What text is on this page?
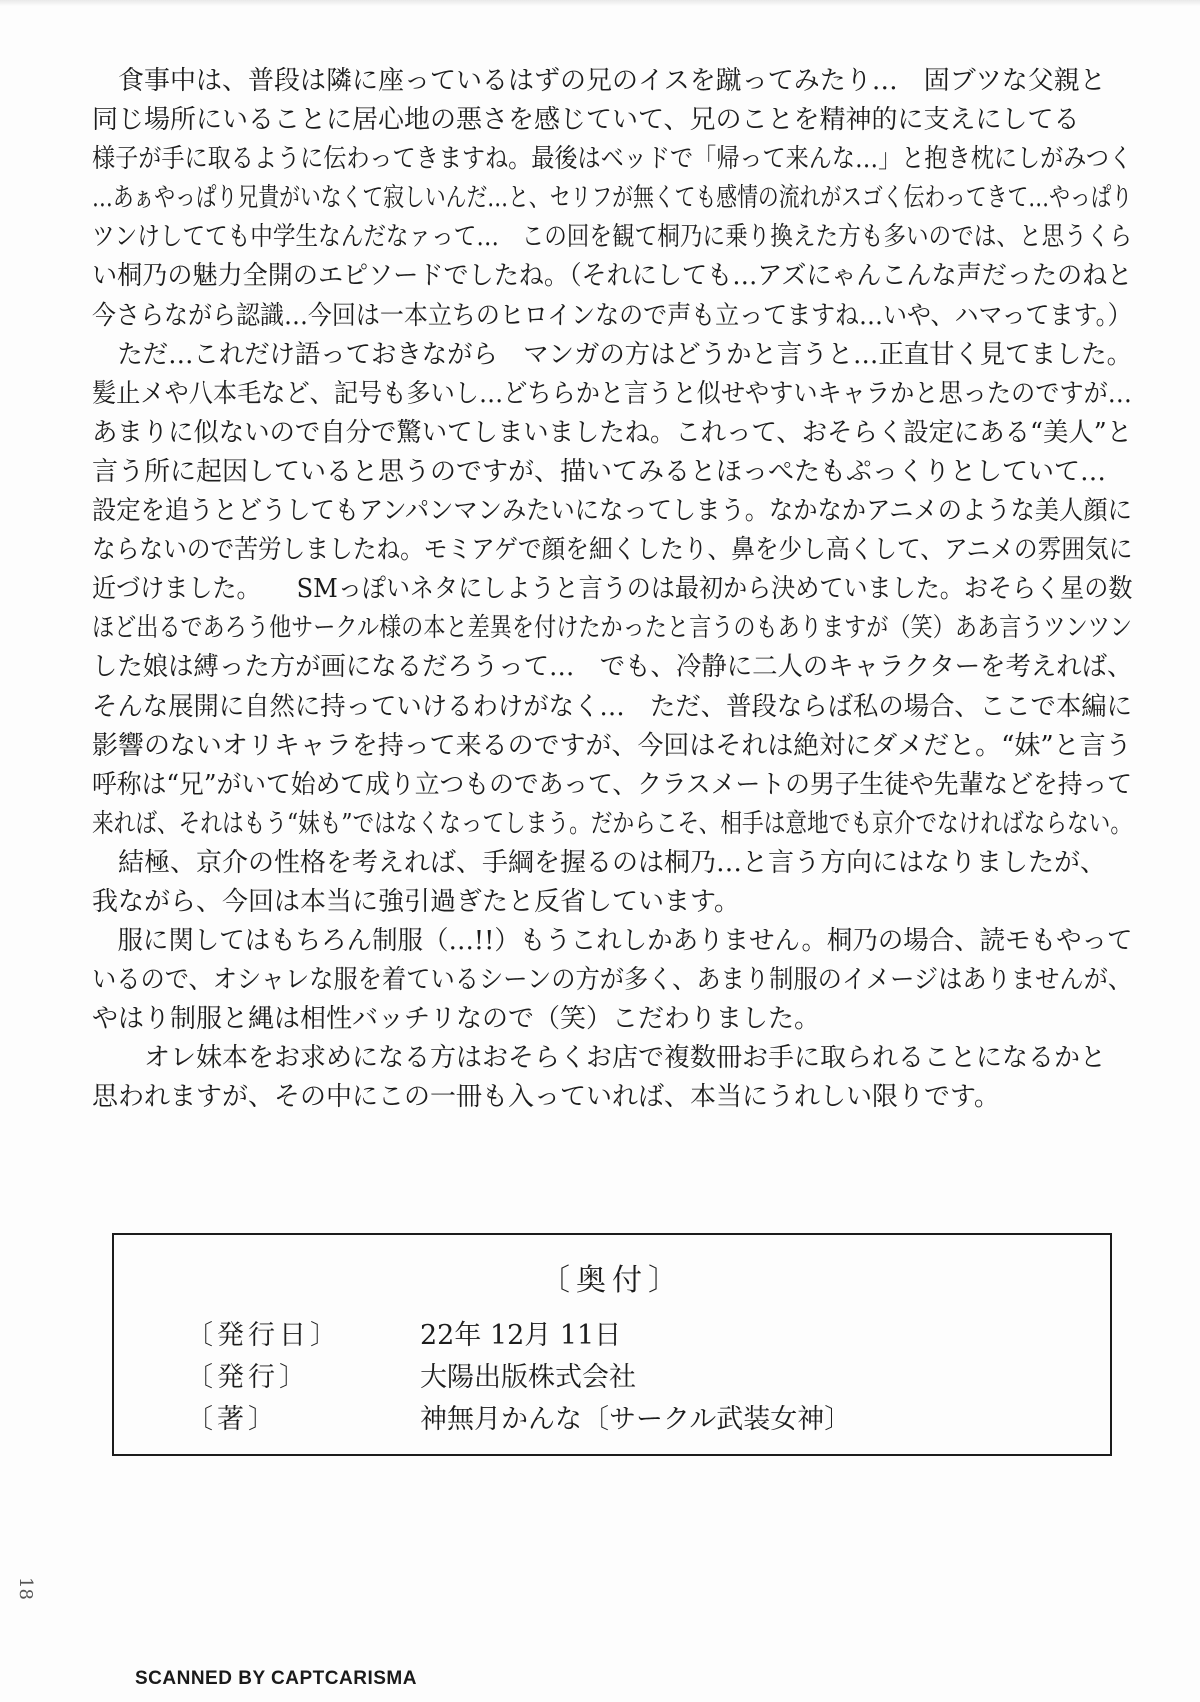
　食事中は、普段は隣に座っているはずの兄のイスを蹴ってみたり…　固ブツな父親と
同じ場所にいることに居心地の悪さを感じていて、兄のことを精神的に支えにしてる
様子が手に取るように伝わってきますね。最後はベッドで「帰って来んな…」と抱き枕にしがみつく
…あぁやっぱり兄貴がいなくて寂しいんだ…と、セリフが無くても感情の流れがスゴく伝わってきて…やっぱり
ツンけしてても中学生なんだなァって…　この回を観て桐乃に乗り換えた方も多いのでは、と思うくら
い桐乃の魅力全開のエピソードでしたね。（それにしても…アズにゃんこんな声だったのねと
今さらながら認識…今回は一本立ちのヒロインなので声も立ってますね…いや、ハマってます。）
　ただ…これだけ語っておきながら　マンガの方はどうかと言うと…正直甘く見てました。
髪止メや八本毛など、記号も多いし…どちらかと言うと似せやすいキャラかと思ったのですが…
あまりに似ないので自分で驚いてしまいましたね。これって、おそらく設定にある“美人”と
言う所に起因していると思うのですが、描いてみるとほっぺたもぷっくりとしていて…
設定を追うとどうしてもアンパンマンみたいになってしまう。なかなかアニメのような美人顔に
ならないので苦労しましたね。モミアゲで顔を細くしたり、鼻を少し高くして、アニメの雰囲気に
近づけました。　　SMっぽいネタにしようと言うのは最初から決めていました。おそらく星の数
ほど出るであろう他サークル様の本と差異を付けたかったと言うのもありますが（笑）ああ言うツンツン
した娘は縛った方が画になるだろうって…　でも、冷静に二人のキャラクターを考えれば、
そんな展開に自然に持っていけるわけがなく…　ただ、普段ならば私の場合、ここで本編に
影響のないオリキャラを持って来るのですが、今回はそれは絶対にダメだと。“妹”と言う
呼称は“兄”がいて始めて成り立つものであって、クラスメートの男子生徒や先輩などを持って
来れば、それはもう“妹も”ではなくなってしまう。だからこそ、相手は意地でも京介でなければならない。
　結極、京介の性格を考えれば、手綱を握るのは桐乃…と言う方向にはなりましたが、
我ながら、今回は本当に強引過ぎたと反省しています。
　服に関してはもちろん制服（…!!）もうこれしかありません。桐乃の場合、読モもやって
いるので、オシャレな服を着ているシーンの方が多く、あまり制服のイメージはありませんが、
やはり制服と縄は相性バッチリなので（笑）こだわりました。
　　オレ妹本をお求めになる方はおそらくお店で複数冊お手に取られることになるかと
思われますが、その中にこの一冊も入っていれば、本当にうれしい限りです。
〔奥付〕
〔発行日〕	22年 12月 11日
〔発行〕	大陽出版株式会社
〔著〕	神無月かんな〔サークル武装女神〕
18
SCANNED BY CAPTCARISMA
